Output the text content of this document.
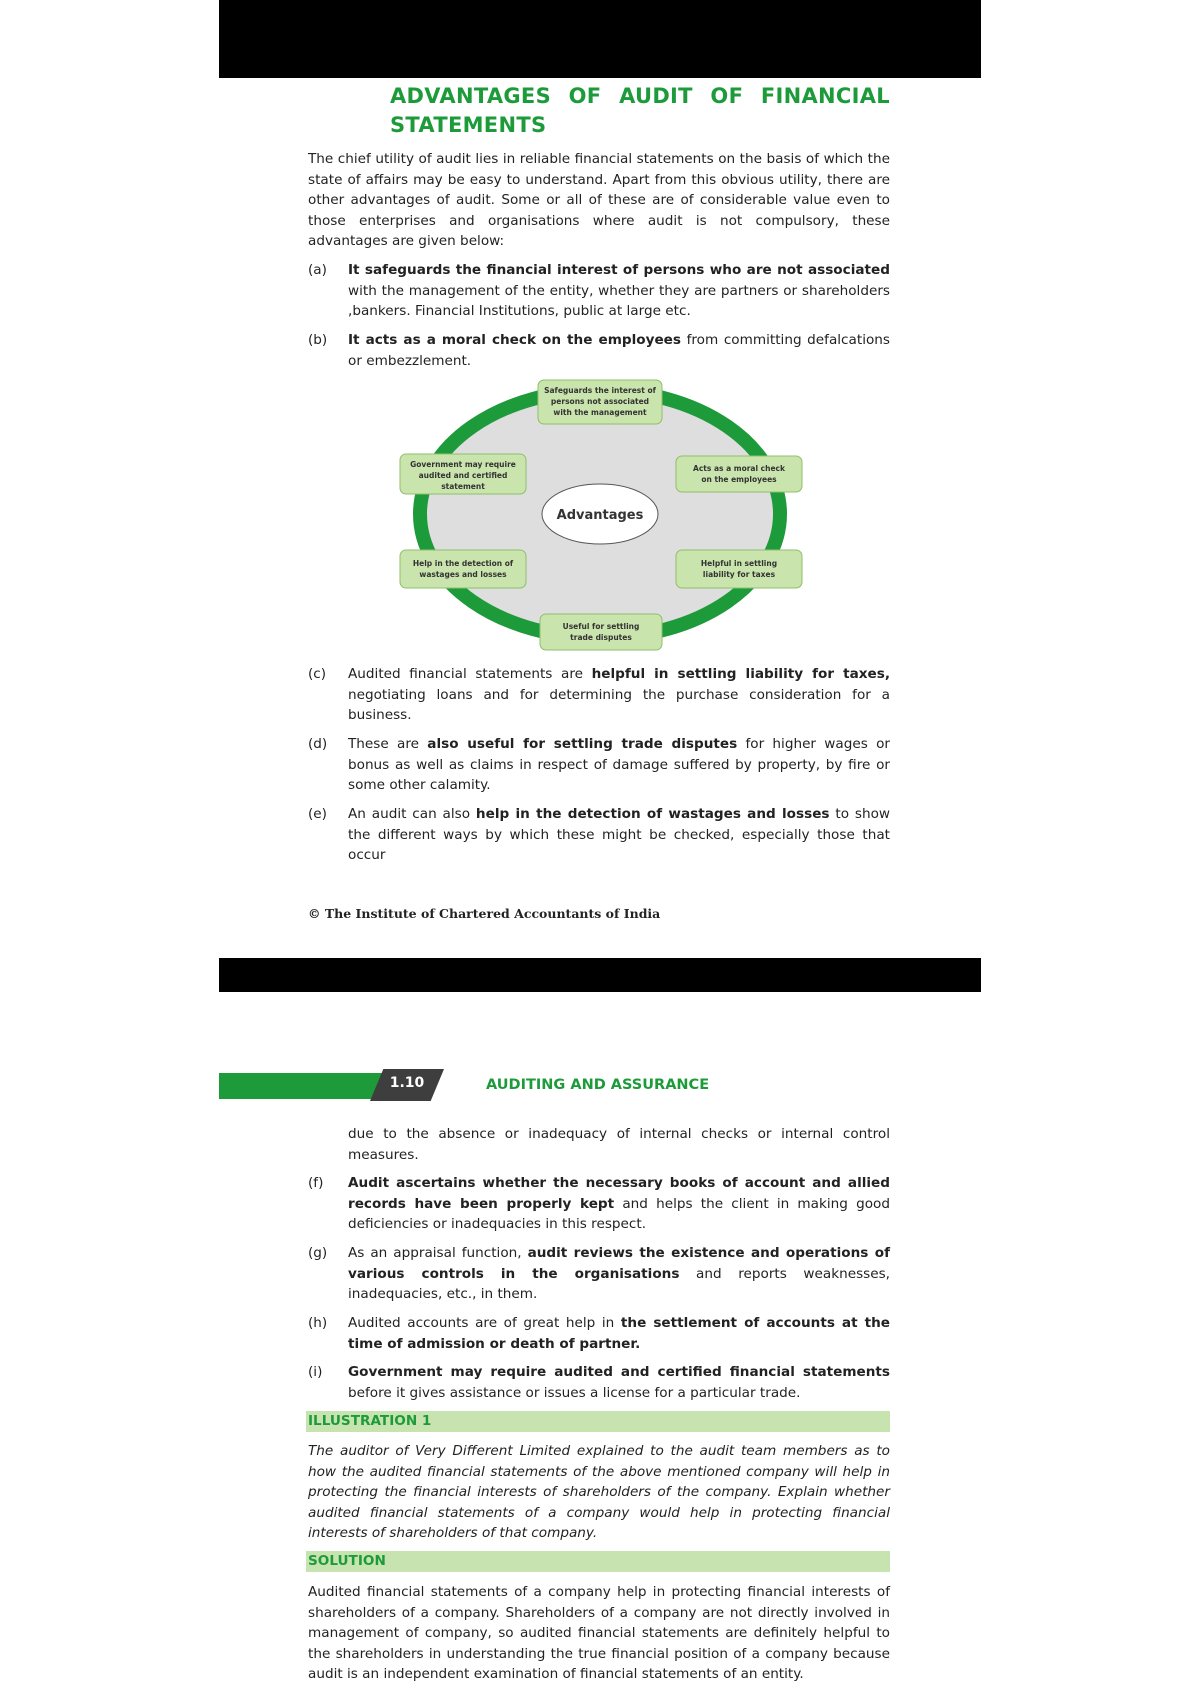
ADVANTAGES OF AUDIT OF FINANCIAL
STATEMENTS
The chief utility of audit lies in reliable financial statements on the basis of which the state of affairs may be easy to understand. Apart from this obvious utility, there are other advantages of audit. Some or all of these are of considerable value even to those enterprises and organisations where audit is not compulsory, these advantages are given below:
(a) It safeguards the financial interest of persons who are not associated with the management of the entity, whether they are partners or shareholders ,bankers. Financial Institutions, public at large etc.
(b) It acts as a moral check on the employees from committing defalcations or embezzlement.
Advantages
Safeguards the interest of
persons not associated
with the management
Acts as a moral check
on the employees
Helpful in settling
liability for taxes
Useful for settling
trade disputes
Help in the detection of
wastages and losses
Government may require
audited and certified
statement
(c) Audited financial statements are helpful in settling liability for taxes, negotiating loans and for determining the purchase consideration for a business.
(d) These are also useful for settling trade disputes for higher wages or bonus as well as claims in respect of damage suffered by property, by fire or some other calamity.
(e) An audit can also help in the detection of wastages and losses to show the different ways by which these might be checked, especially those that occur
© The Institute of Chartered Accountants of India
1.10	AUDITING AND ASSURANCE
due to the absence or inadequacy of internal checks or internal control measures.
(f) Audit ascertains whether the necessary books of account and allied records have been properly kept and helps the client in making good deficiencies or inadequacies in this respect.
(g) As an appraisal function, audit reviews the existence and operations of various controls in the organisations and reports weaknesses, inadequacies, etc., in them.
(h) Audited accounts are of great help in the settlement of accounts at the time of admission or death of partner.
(i) Government may require audited and certified financial statements before it gives assistance or issues a license for a particular trade.
ILLUSTRATION 1
The auditor of Very Different Limited explained to the audit team members as to how the audited financial statements of the above mentioned company will help in protecting the financial interests of shareholders of the company. Explain whether audited financial statements of a company would help in protecting financial interests of shareholders of that company.
SOLUTION
Audited financial statements of a company help in protecting financial interests of shareholders of a company. Shareholders of a company are not directly involved in management of company, so audited financial statements are definitely helpful to the shareholders in understanding the true financial position of a company because audit is an independent examination of financial statements of an entity.
